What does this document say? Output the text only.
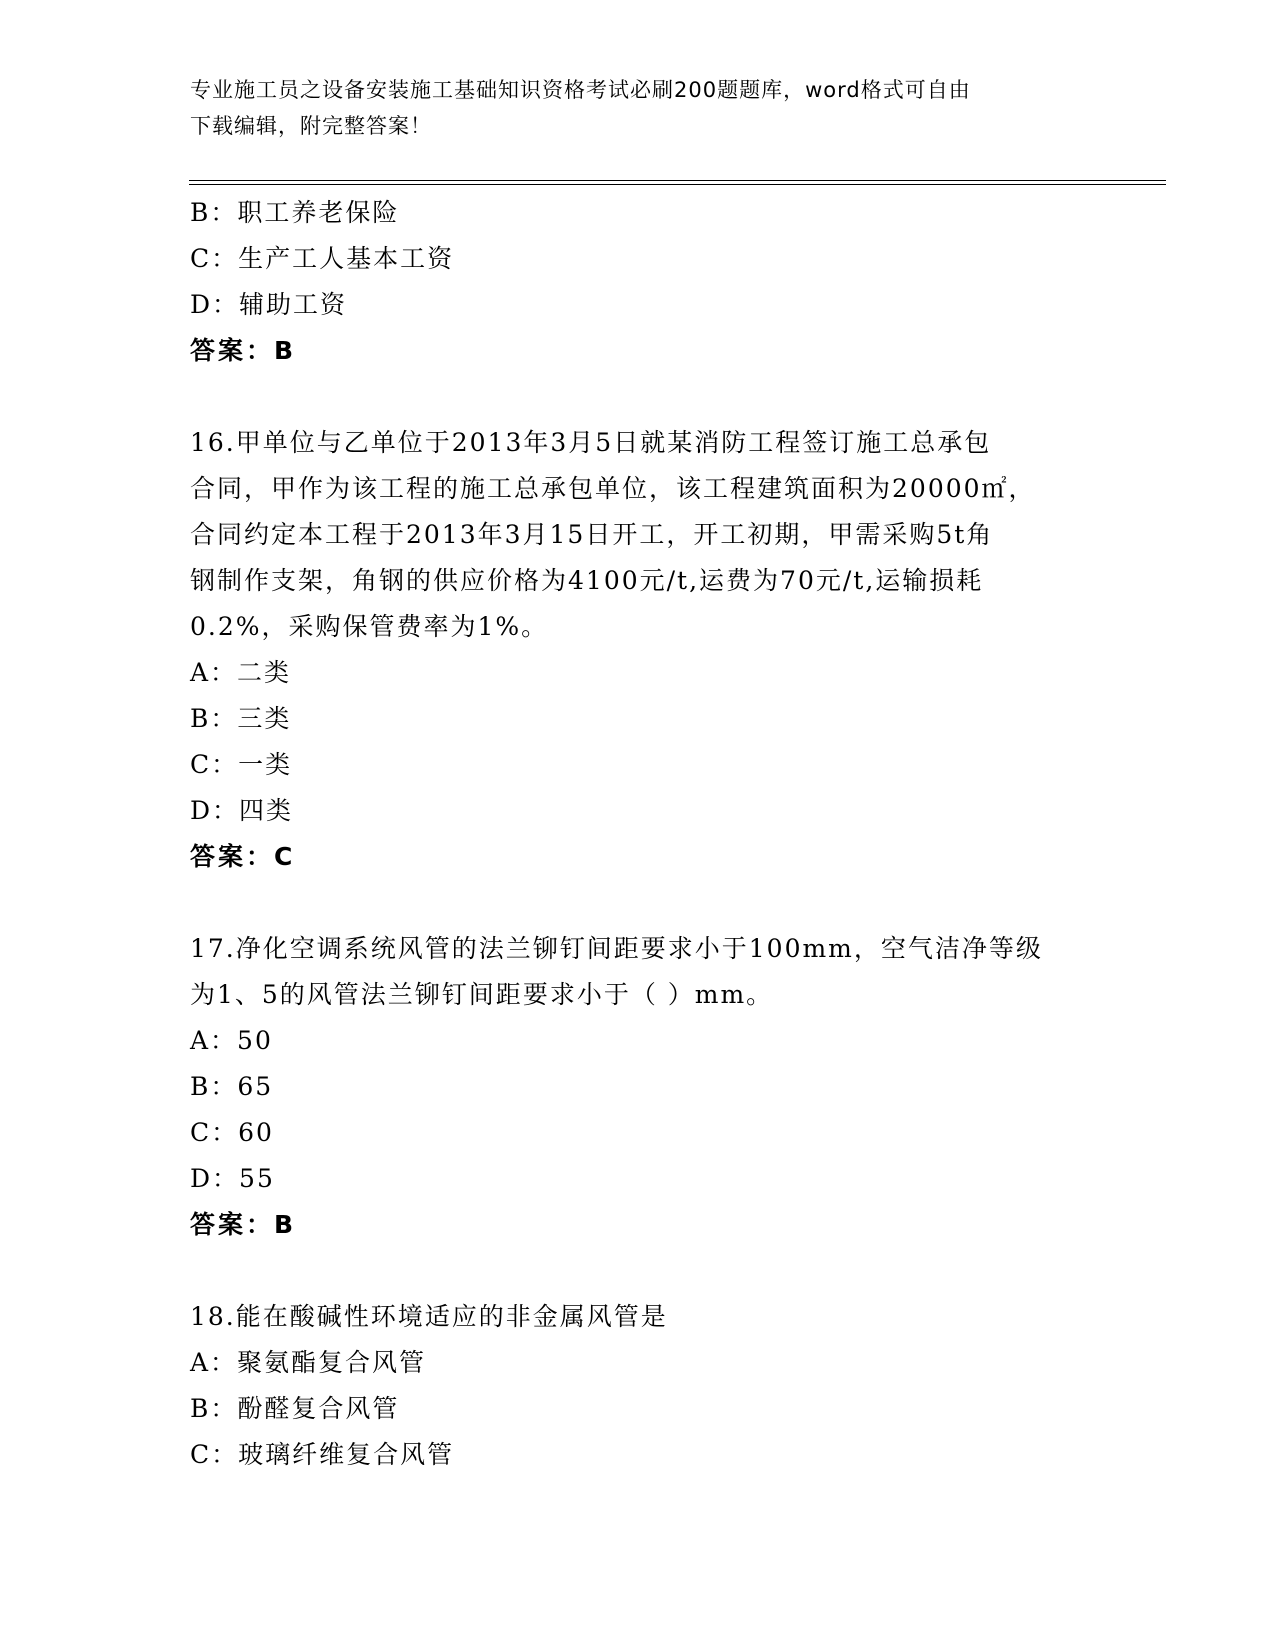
专业施工员之设备安装施工基础知识资格考试必刷200题题库，word格式可自由
下载编辑，附完整答案！
B：职工养老保险
C：生产工人基本工资
D：辅助工资
答案：B
16.甲单位与乙单位于2013年3月5日就某消防工程签订施工总承包
合同，甲作为该工程的施工总承包单位，该工程建筑面积为20000㎡，
合同约定本工程于2013年3月15日开工，开工初期，甲需采购5t角
钢制作支架，角钢的供应价格为4100元/t,运费为70元/t,运输损耗
0.2%，采购保管费率为1%。
A：二类
B：三类
C：一类
D：四类
答案：C
17.净化空调系统风管的法兰铆钉间距要求小于100mm，空气洁净等级
为1、5的风管法兰铆钉间距要求小于（ ）mm。
A：50
B：65
C：60
D：55
答案：B
18.能在酸碱性环境适应的非金属风管是
A：聚氨酯复合风管
B：酚醛复合风管
C：玻璃纤维复合风管
